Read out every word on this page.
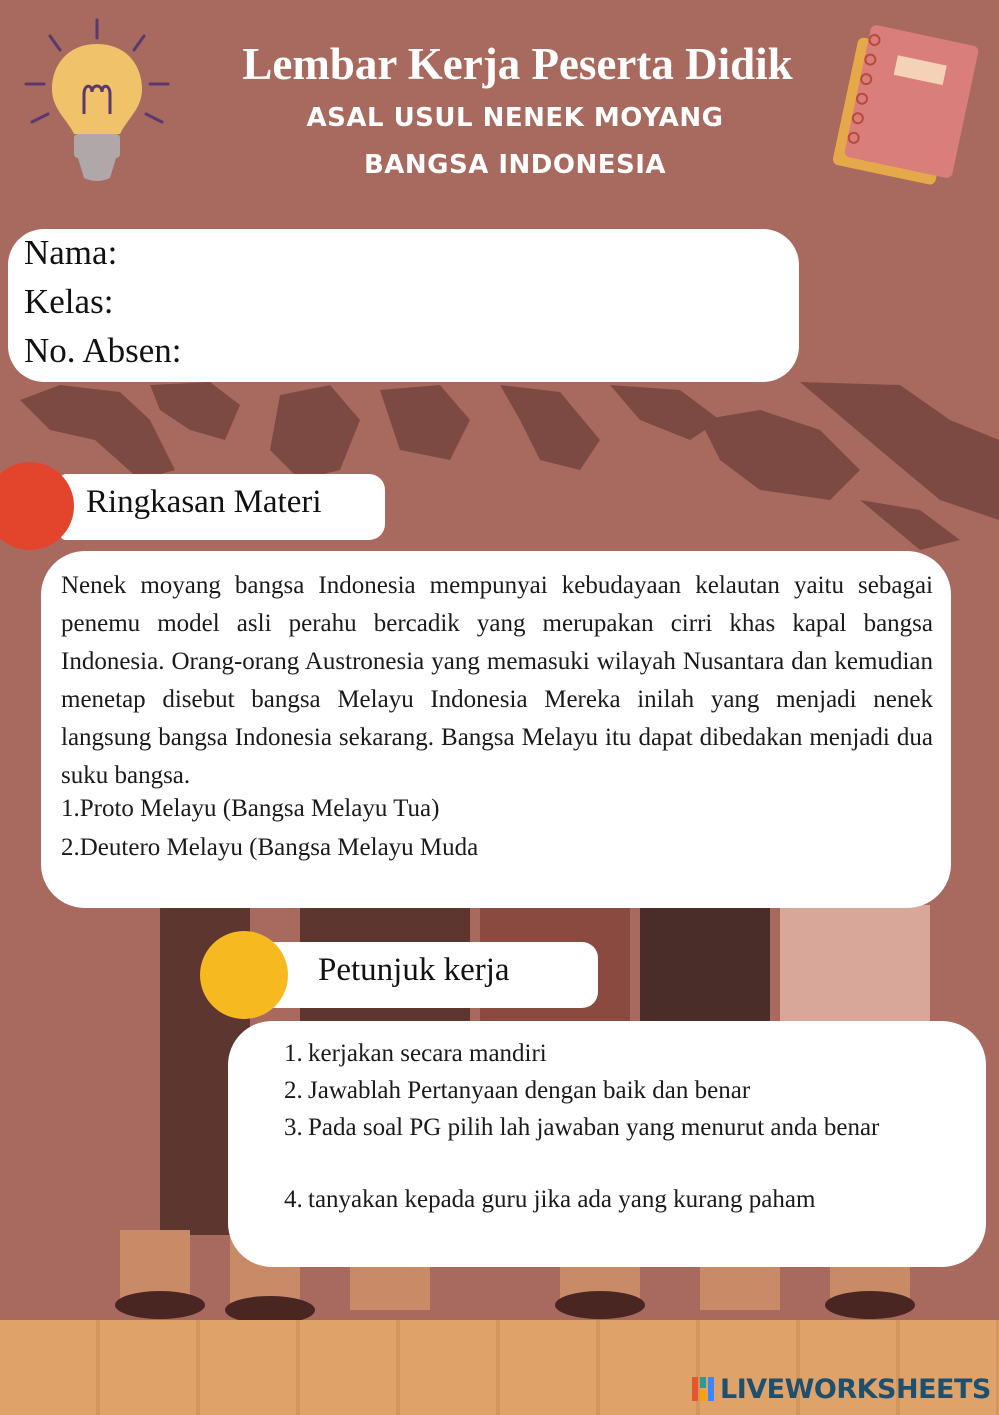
Lembar Kerja Peserta Didik
ASAL USUL NENEK MOYANG
BANGSA INDONESIA
Nama:
Kelas:
No. Absen:
Ringkasan Materi
Nenek moyang bangsa Indonesia mempunyai kebudayaan kelautan yaitu sebagai penemu model asli perahu bercadik yang merupakan cirri khas kapal bangsa Indonesia. Orang-orang Austronesia yang memasuki wilayah Nusantara dan kemudian menetap disebut bangsa Melayu Indonesia Mereka inilah yang menjadi nenek langsung bangsa Indonesia sekarang. Bangsa Melayu itu dapat dibedakan menjadi dua suku bangsa.
1.Proto Melayu (Bangsa Melayu Tua)
2.Deutero Melayu (Bangsa Melayu Muda
Petunjuk kerja
1. kerjakan secara mandiri
2. Jawablah Pertanyaan dengan baik dan benar
3. Pada soal PG pilih lah jawaban yang menurut anda benar
4. tanyakan kepada guru jika ada yang kurang paham
LIVEWORKSHEETS
